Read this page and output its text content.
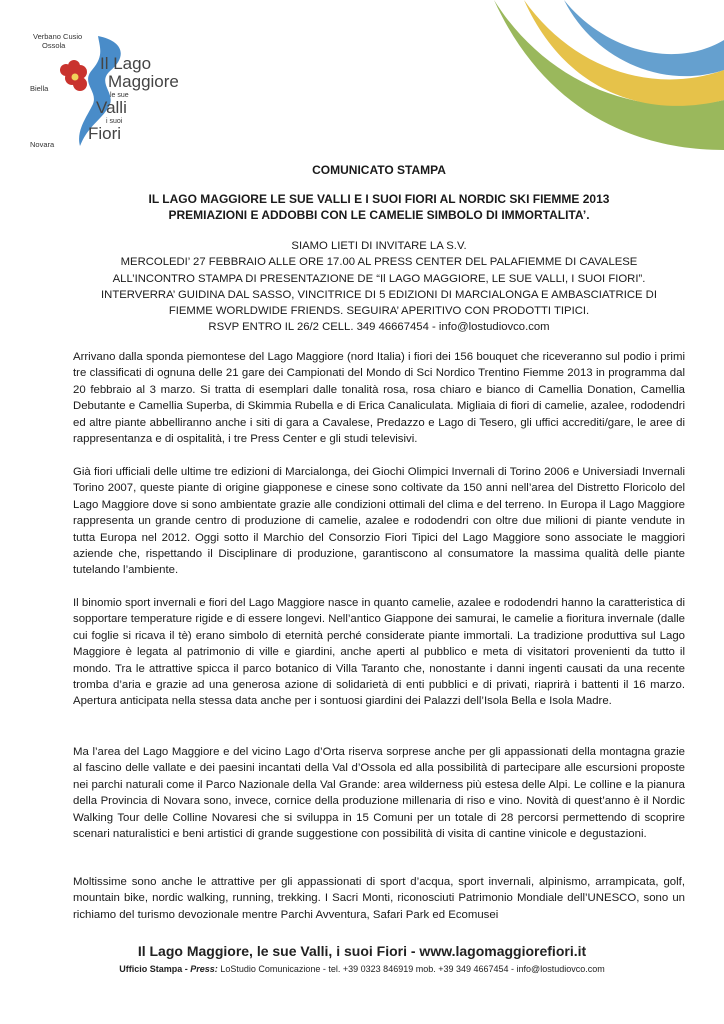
Verbano Cusio
Ossola
Biella
Novara
Il Lago
Maggiore
le sue
Valli
i suoi
Fiori
COMUNICATO STAMPA
IL LAGO MAGGIORE LE SUE VALLI E I SUOI FIORI AL NORDIC SKI FIEMME 2013
PREMIAZIONI E ADDOBBI CON LE CAMELIE SIMBOLO DI IMMORTALITA’.
SIAMO LIETI DI INVITARE LA S.V.
MERCOLEDI’ 27 FEBBRAIO ALLE ORE 17.00 AL PRESS CENTER DEL PALAFIEMME DI CAVALESE
ALL’INCONTRO STAMPA DI PRESENTAZIONE DE “Il LAGO MAGGIORE, LE SUE VALLI, I SUOI FIORI”.
INTERVERRA’ GUIDINA DAL SASSO, VINCITRICE DI 5 EDIZIONI DI MARCIALONGA E AMBASCIATRICE DI
FIEMME WORLDWIDE FRIENDS. SEGUIRA’ APERITIVO CON PRODOTTI TIPICI.
RSVP ENTRO IL 26/2 CELL. 349 46667454 - info@lostudiovco.com

Arrivano dalla sponda piemontese del Lago Maggiore (nord Italia) i fiori dei 156 bouquet che riceveranno sul podio i primi tre classificati di ognuna delle 21 gare dei Campionati del Mondo di Sci Nordico Trentino Fiemme 2013 in programma dal 20 febbraio al 3 marzo. Si tratta di esemplari dalle tonalità rosa, rosa chiaro e bianco di Camellia Donation, Camellia Debutante e Camellia Superba, di Skimmia Rubella e di Erica Canaliculata. Migliaia di fiori di camelie, azalee, rododendri ed altre piante abbelliranno anche i siti di gara a Cavalese, Predazzo e Lago di Tesero, gli uffici accrediti/gare, le aree di rappresentanza e di ospitalità, i tre Press Center e gli studi televisivi.

Già fiori ufficiali delle ultime tre edizioni di Marcialonga, dei Giochi Olimpici Invernali di Torino 2006 e Universiadi Invernali Torino 2007, queste piante di origine giapponese e cinese sono coltivate da 150 anni nell’area del Distretto Floricolo del Lago Maggiore dove si sono ambientate grazie alle condizioni ottimali del clima e del terreno. In Europa il Lago Maggiore rappresenta un grande centro di produzione di camelie, azalee e rododendri con oltre due milioni di piante vendute in tutta Europa nel 2012. Oggi sotto il Marchio del Consorzio Fiori Tipici del Lago Maggiore sono associate le maggiori aziende che, rispettando il Disciplinare di produzione, garantiscono al consumatore la massima qualità delle piante tutelando l’ambiente.

Il binomio sport invernali e fiori del Lago Maggiore nasce in quanto camelie, azalee e rododendri hanno la caratteristica di sopportare temperature rigide e di essere longevi. Nell’antico Giappone dei samurai, le camelie a fioritura invernale (dalle cui foglie si ricava il tè) erano simbolo di eternità perché considerate piante immortali. La tradizione produttiva sul Lago Maggiore è legata al patrimonio di ville e giardini, anche aperti al pubblico e meta di visitatori provenienti da tutto il mondo. Tra le attrattive spicca il parco botanico di Villa Taranto che, nonostante i danni ingenti causati da una recente tromba d’aria e grazie ad una generosa azione di solidarietà di enti pubblici e di privati, riaprirà i battenti il 16 marzo. Apertura anticipata nella stessa data anche per i sontuosi giardini dei Palazzi dell’Isola Bella e Isola Madre.

Ma l’area del Lago Maggiore e del vicino Lago d’Orta riserva sorprese anche per gli appassionati della montagna grazie al fascino delle vallate e dei paesini incantati della Val d’Ossola ed alla possibilità di partecipare alle escursioni proposte nei parchi naturali come il Parco Nazionale della Val Grande: area wilderness più estesa delle Alpi. Le colline e la pianura della Provincia di Novara sono, invece, cornice della produzione millenaria di riso e vino. Novità di quest’anno è il Nordic Walking Tour delle Colline Novaresi che si sviluppa in 15 Comuni per un totale di 28 percorsi permettendo di scoprire scenari naturalistici e beni artistici di grande suggestione con possibilità di visita di cantine vinicole e degustazioni.

Moltissime sono anche le attrattive per gli appassionati di sport d’acqua, sport invernali, alpinismo, arrampicata, golf, mountain bike, nordic walking, running, trekking. I Sacri Monti, riconosciuti Patrimonio Mondiale dell’UNESCO, sono un richiamo del turismo devozionale mentre Parchi Avventura, Safari Park ed Ecomusei

Il Lago Maggiore, le sue Valli, i suoi Fiori - www.lagomaggiorefiori.it
Ufficio Stampa - Press: LoStudio Comunicazione - tel. +39 0323 846919 mob. +39 349 4667454 - info@lostudiovco.com
